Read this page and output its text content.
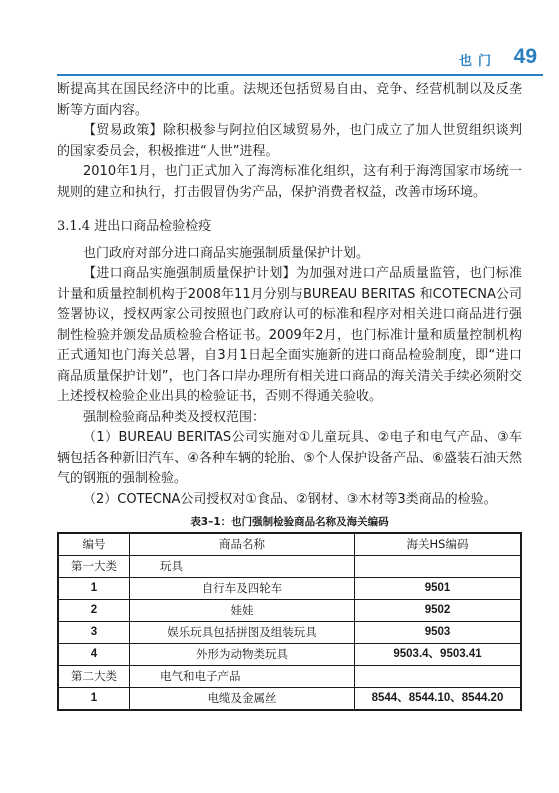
也门 49

断提高其在国民经济中的比重。法规还包括贸易自由、竞争、经营机制以及反垄断等方面内容。

【贸易政策】除积极参与阿拉伯区域贸易外，也门成立了加人世贸组织谈判的国家委员会，积极推进“人世”进程。

2010年1月，也门正式加入了海湾标准化组织，这有利于海湾国家市场统一规则的建立和执行，打击假冒伪劣产品，保护消费者权益，改善市场环境。

3.1.4 进出口商品检验检疫

也门政府对部分进口商品实施强制质量保护计划。

【进口商品实施强制质量保护计划】为加强对进口产品质量监管，也门标准计量和质量控制机构于2008年11月分别与BUREAU BERITAS 和COTECNA公司签署协议，授权两家公司按照也门政府认可的标准和程序对相关进口商品进行强制性检验并颁发品质检验合格证书。2009年2月，也门标准计量和质量控制机构正式通知也门海关总署，自3月1日起全面实施新的进口商品检验制度，即“进口商品质量保护计划”，也门各口岸办理所有相关进口商品的海关清关手续必须附交上述授权检验企业出具的检验证书，否则不得通关验收。

强制检验商品种类及授权范围：

（1）BUREAU BERITAS公司实施对①儿童玩具、②电子和电气产品、③车辆包括各种新旧汽车、④各种车辆的轮胎、⑤个人保护设备产品、⑥盛装石油天然气的钢瓶的强制检验。

（2）COTECNA公司授权对①食品、②钢材、③木材等3类商品的检验。

表3–1：也门强制检验商品名称及海关编码

编号	商品名称	海关HS编码
第一大类	玩具	
1	自行车及四轮车	9501
2	娃娃	9502
3	娱乐玩具包括拼图及组装玩具	9503
4	外形为动物类玩具	9503.4、9503.41
第二大类	电气和电子产品	
1	电缆及金属丝	8544、8544.10、8544.20
